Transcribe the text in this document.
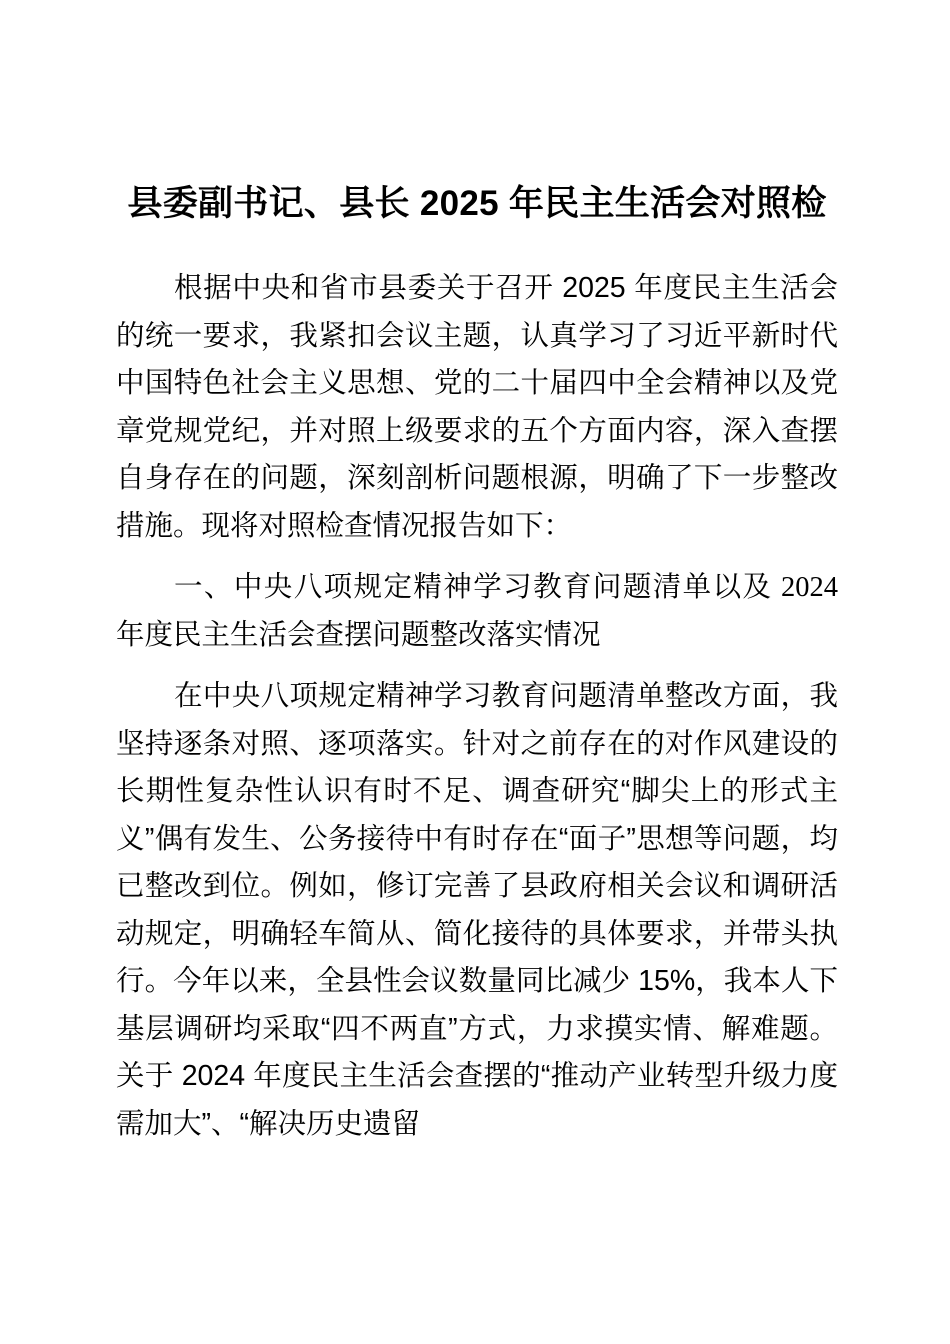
县委副书记、县长 2025 年民主生活会对照检

根据中央和省市县委关于召开 2025 年度民主生活会的统一要求，我紧扣会议主题，认真学习了习近平新时代中国特色社会主义思想、党的二十届四中全会精神以及党章党规党纪，并对照上级要求的五个方面内容，深入查摆自身存在的问题，深刻剖析问题根源，明确了下一步整改措施。现将对照检查情况报告如下：

一、中央八项规定精神学习教育问题清单以及 2024 年度民主生活会查摆问题整改落实情况

在中央八项规定精神学习教育问题清单整改方面，我坚持逐条对照、逐项落实。针对之前存在的对作风建设的长期性复杂性认识有时不足、调查研究“脚尖上的形式主义”偶有发生、公务接待中有时存在“面子”思想等问题，均已整改到位。例如，修订完善了县政府相关会议和调研活动规定，明确轻车简从、简化接待的具体要求，并带头执行。今年以来，全县性会议数量同比减少 15%，我本人下基层调研均采取“四不两直”方式，力求摸实情、解难题。关于 2024 年度民主生活会查摆的“推动产业转型升级力度需加大”、“解决历史遗留
